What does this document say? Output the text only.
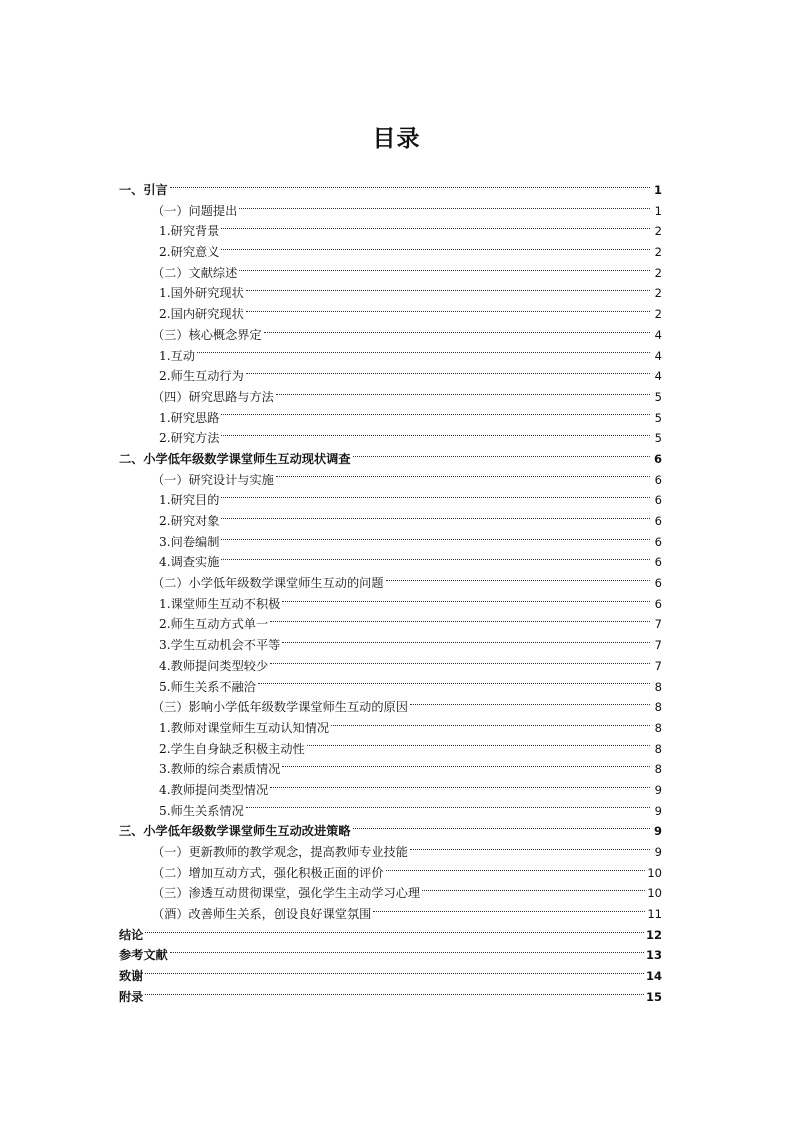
目录
一、引言	1
（一）问题提出	1
1.研究背景	2
2.研究意义	2
（二）文献综述	2
1.国外研究现状	2
2.国内研究现状	2
（三）核心概念界定	4
1.互动	4
2.师生互动行为	4
（四）研究思路与方法	5
1.研究思路	5
2.研究方法	5
二、小学低年级数学课堂师生互动现状调查	6
（一）研究设计与实施	6
1.研究目的	6
2.研究对象	6
3.问卷编制	6
4.调查实施	6
（二）小学低年级数学课堂师生互动的问题	6
1.课堂师生互动不积极	6
2.师生互动方式单一	7
3.学生互动机会不平等	7
4.教师提问类型较少	7
5.师生关系不融洽	8
（三）影响小学低年级数学课堂师生互动的原因	8
1.教师对课堂师生互动认知情况	8
2.学生自身缺乏积极主动性	8
3.教师的综合素质情况	8
4.教师提问类型情况	9
5.师生关系情况	9
三、小学低年级数学课堂师生互动改进策略	9
（一）更新教师的教学观念，提高教师专业技能	9
（二）增加互动方式，强化积极正面的评价	10
（三）渗透互动贯彻课堂，强化学生主动学习心理	10
（酒）改善师生关系，创设良好课堂氛围	11
结论	12
参考文献	13
致谢	14
附录	15
